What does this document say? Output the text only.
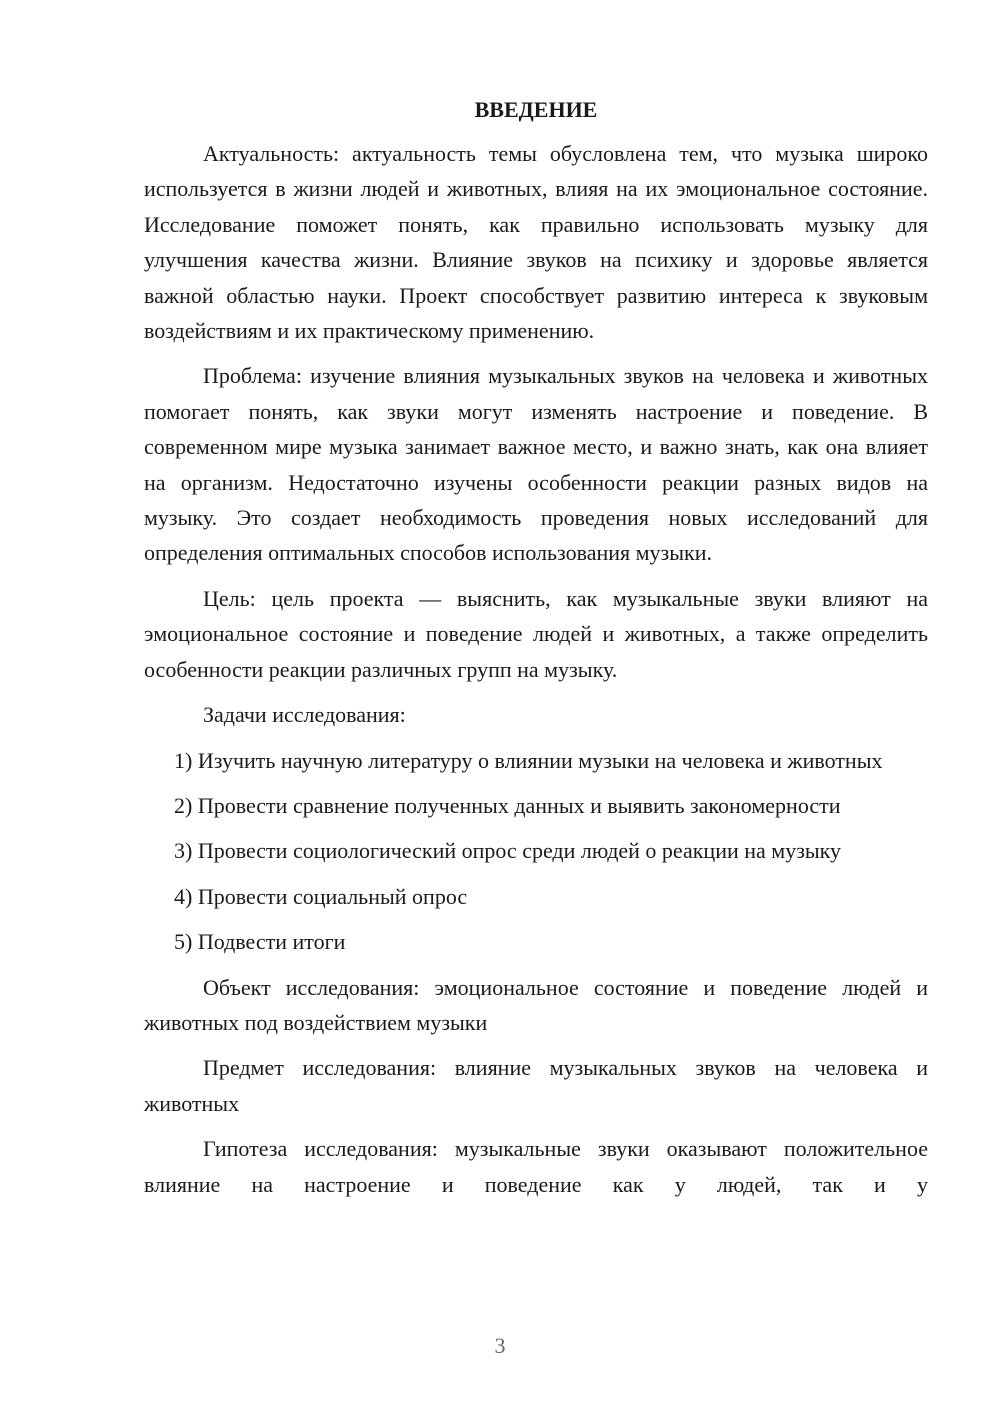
ВВЕДЕНИЕ

Актуальность: актуальность темы обусловлена тем, что музыка широко используется в жизни людей и животных, влияя на их эмоциональное состояние. Исследование поможет понять, как правильно использовать музыку для улучшения качества жизни. Влияние звуков на психику и здоровье является важной областью науки. Проект способствует развитию интереса к звуковым воздействиям и их практическому применению.

Проблема: изучение влияния музыкальных звуков на человека и животных помогает понять, как звуки могут изменять настроение и поведение. В современном мире музыка занимает важное место, и важно знать, как она влияет на организм. Недостаточно изучены особенности реакции разных видов на музыку. Это создает необходимость проведения новых исследований для определения оптимальных способов использования музыки.

Цель: цель проекта — выяснить, как музыкальные звуки влияют на эмоциональное состояние и поведение людей и животных, а также определить особенности реакции различных групп на музыку.

Задачи исследования:

1) Изучить научную литературу о влиянии музыки на человека и животных

2) Провести сравнение полученных данных и выявить закономерности

3) Провести социологический опрос среди людей о реакции на музыку

4) Провести социальный опрос

5) Подвести итоги

Объект исследования: эмоциональное состояние и поведение людей и животных под воздействием музыки

Предмет исследования: влияние музыкальных звуков на человека и животных

Гипотеза исследования: музыкальные звуки оказывают положительное влияние на настроение и поведение как у людей, так и у

3
